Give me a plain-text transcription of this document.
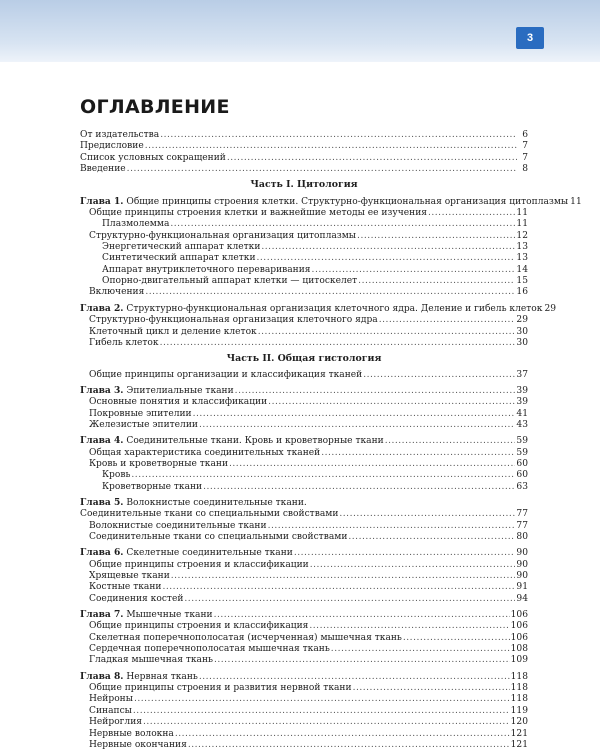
3
ОГЛАВЛЕНИЕ
От издательства .....	6
Предисловие .....	7
Список условных сокращений .....	7
Введение .....	8
Часть I. Цитология
Глава 1. Общие принципы строения клетки. Структурно-функциональная организация цитоплазмы 11
Общие принципы строения клетки и важнейшие методы ее изучения .....	11
Плазмолемма .....	11
Структурно-функциональная организация цитоплазмы .....	12
Энергетический аппарат клетки .....	13
Синтетический аппарат клетки .....	13
Аппарат внутриклеточного переваривания .....	14
Опорно-двигательный аппарат клетки — цитоскелет .....	15
Включения .....	16
Глава 2. Структурно-функциональная организация клеточного ядра. Деление и гибель клеток 29
Структурно-функциональная организация клеточного ядра .....	29
Клеточный цикл и деление клеток .....	30
Гибель клеток .....	30
Часть II. Общая гистология
Общие принципы организации и классификация тканей .....	37
Глава 3. Эпителиальные ткани .....	39
Основные понятия и классификации .....	39
Покровные эпителии .....	41
Железистые эпителии .....	43
Глава 4. Соединительные ткани. Кровь и кроветворные ткани .....	59
Общая характеристика соединительных тканей .....	59
Кровь и кроветворные ткани .....	60
Кровь .....	60
Кроветворные ткани .....	63
Глава 5. Волокнистые соединительные ткани.
Соединительные ткани со специальными свойствами .....	77
Волокнистые соединительные ткани .....	77
Соединительные ткани со специальными свойствами .....	80
Глава 6. Скелетные соединительные ткани .....	90
Общие принципы строения и классификации .....	90
Хрящевые ткани .....	90
Костные ткани .....	91
Соединения костей .....	94
Глава 7. Мышечные ткани .....	106
Общие принципы строения и классификация .....	106
Скелетная поперечнополосатая (исчерченная) мышечная ткань .....	106
Сердечная поперечнополосатая мышечная ткань .....	108
Гладкая мышечная ткань .....	109
Глава 8. Нервная ткань .....	118
Общие принципы строения и развития нервной ткани .....	118
Нейроны .....	118
Синапсы .....	119
Нейроглия .....	120
Нервные волокна .....	121
Нервные окончания .....	121
